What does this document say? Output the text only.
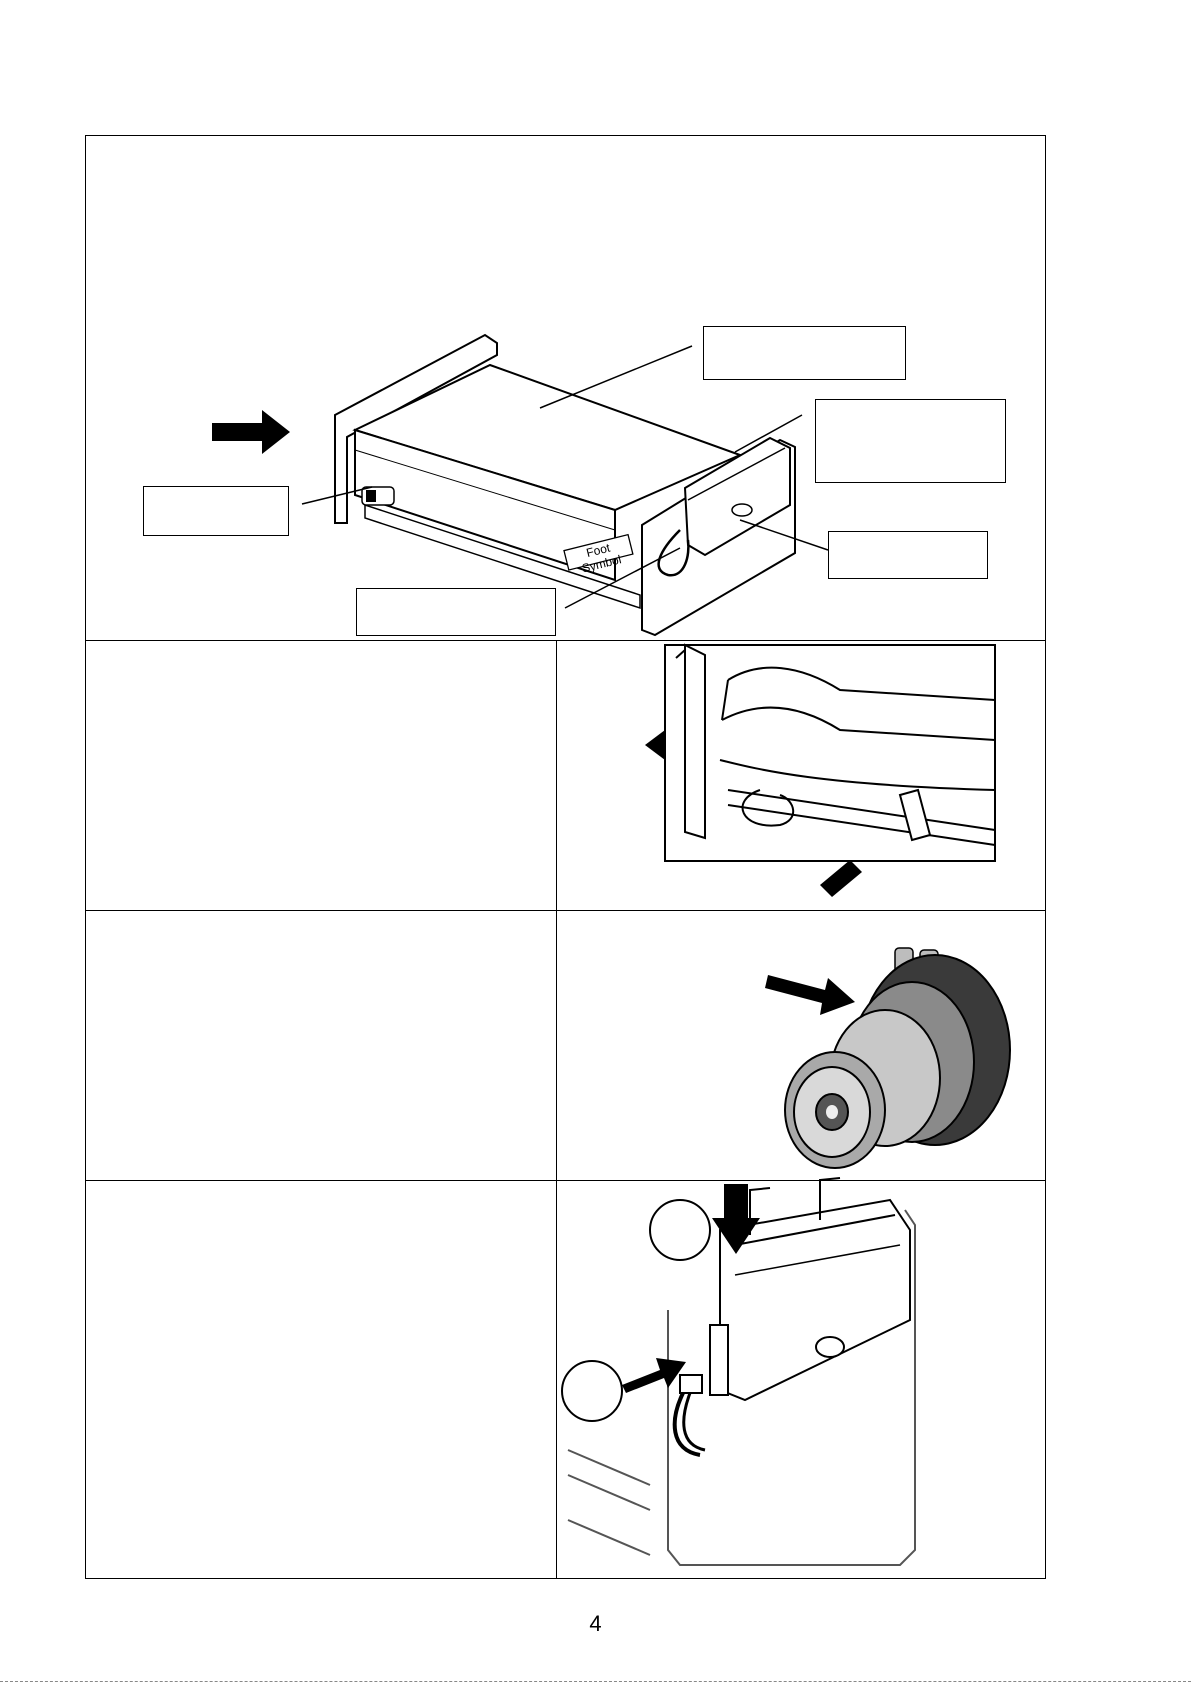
Foot Symbol
4
